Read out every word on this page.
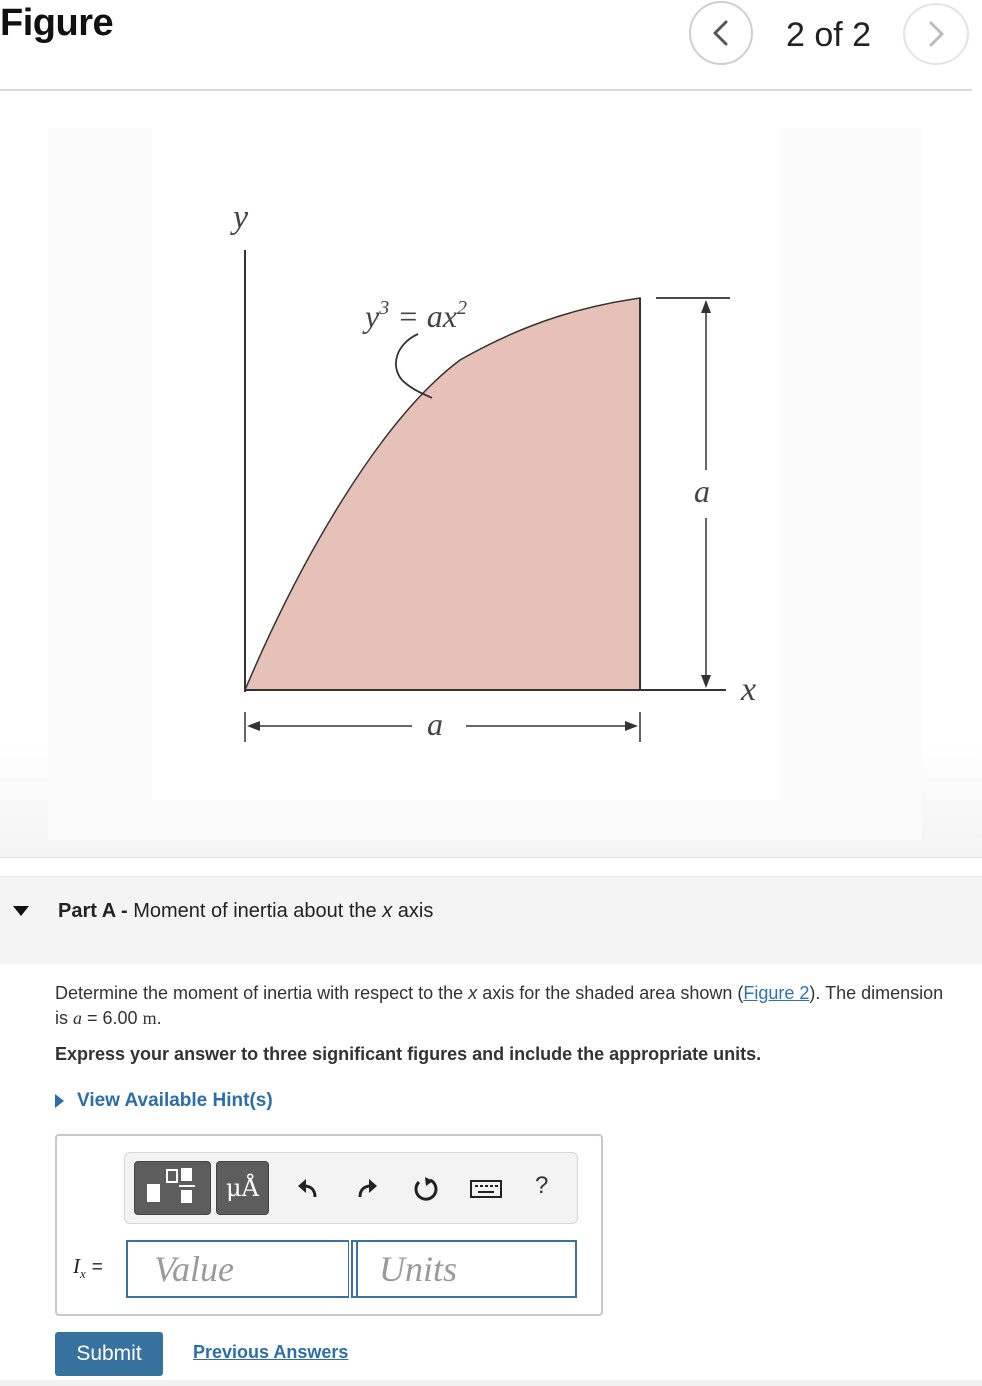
Figure	2 of 2
a
a
y
x
$y^3 = ax^2$
Part A - Moment of inertia about the x axis
Determine the moment of inertia with respect to the x axis for the shaded area shown (Figure 2). The dimension is a = 6.00 m.
Express your answer to three significant figures and include the appropriate units.
View Available Hint(s)
μÅ	?
$I_x$ =	Value	Units
Submit	Previous Answers
